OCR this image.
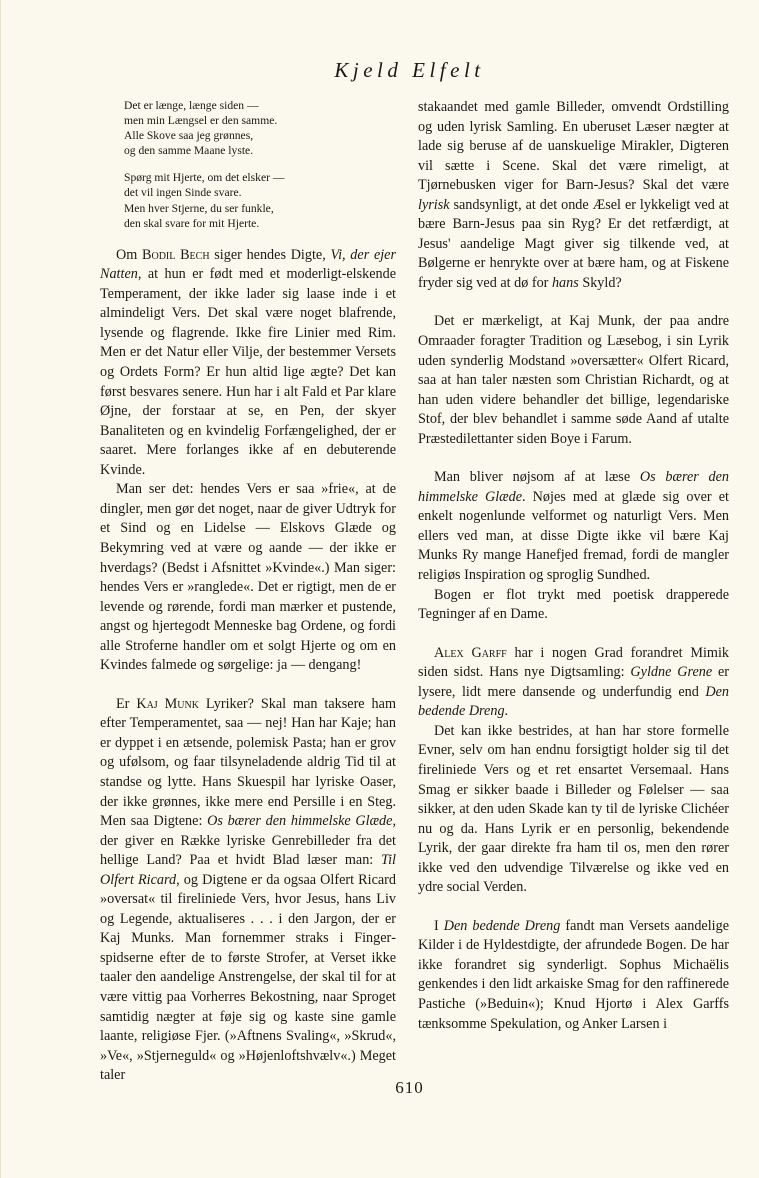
Kjeld Elfelt
Det er længe, længe siden —
men min Længsel er den samme.
Alle Skove saa jeg grønnes,
og den samme Maane lyste.
Spørg mit Hjerte, om det elsker —
det vil ingen Sinde svare.
Men hver Stjerne, du ser funkle,
den skal svare for mit Hjerte.

Om Bodil Bech siger hendes Digte, Vi, der ejer Natten, at hun er født med et moderligt-elskende Temperament, der ikke lader sig laase inde i et almindeligt Vers. Det skal være noget blafrende, lysende og flagrende. Ikke fire Linier med Rim. Men er det Natur eller Vilje, der bestemmer Versets og Ordets Form? Er hun altid lige ægte? Det kan først besvares senere. Hun har i alt Fald et Par klare Øjne, der forstaar at se, en Pen, der skyer Banaliteten og en kvindelig Forfængelighed, der er saaret. Mere forlanges ikke af en debuterende Kvinde.

Man ser det: hendes Vers er saa »frie«, at de dingler, men gør det noget, naar de giver Udtryk for et Sind og en Lidelse — Elskovs Glæde og Bekymring ved at være og aande — der ikke er hverdags? (Bedst i Afsnittet »Kvinde«.) Man siger: hendes Vers er »ranglede«. Det er rigtigt, men de er levende og rørende, fordi man mærker et pustende, angst og hjertegodt Menneske bag Ordene, og fordi alle Stroferne handler om et solgt Hjerte og om en Kvindes falmede og sørgelige: ja — dengang!

Er Kaj Munk Lyriker? Skal man taksere ham efter Temperamentet, saa — nej! Han har Kaje; han er dyppet i en ætsende, polemisk Pasta; han er grov og ufølsom, og faar tilsyneladende aldrig Tid til at standse og lytte. Hans Skuespil har lyriske Oaser, der ikke grønnes, ikke mere end Persille i en Steg. Men saa Digtene: Os bærer den himmelske Glæde, der giver en Række lyriske Genrebilleder fra det hellige Land? Paa et hvidt Blad læser man: Til Olfert Ricard, og Digtene er da ogsaa Olfert Ricard »oversat« til fireliniede Vers, hvor Jesus, hans Liv og Legende, aktualiseres . . . i den Jargon, der er Kaj Munks. Man fornemmer straks i Fingerspidserne efter de to første Strofer, at Verset ikke taaler den aandelige Anstrengelse, der skal til for at være vittig paa Vorherres Bekostning, naar Sproget samtidig nægter at føje sig og kaste sine gamle laante, religiøse Fjer. (»Aftnens Svaling«, »Skrud«, »Ve«, »Stjerneguld« og »Højenloftshvælv«.) Meget taler

stakaandet med gamle Billeder, omvendt Ordstilling og uden lyrisk Samling. En uberuset Læser nægter at lade sig beruse af de uanskuelige Mirakler, Digteren vil sætte i Scene. Skal det være rimeligt, at Tjørnebusken viger for Barn-Jesus? Skal det være lyrisk sandsynligt, at det onde Æsel er lykkeligt ved at bære Barn-Jesus paa sin Ryg? Er det retfærdigt, at Jesus' aandelige Magt giver sig tilkende ved, at Bølgerne er henrykte over at bære ham, og at Fiskene fryder sig ved at dø for hans Skyld?

Det er mærkeligt, at Kaj Munk, der paa andre Omraader foragter Tradition og Læsebog, i sin Lyrik uden synderlig Modstand »oversætter« Olfert Ricard, saa at han taler næsten som Christian Richardt, og at han uden videre behandler det billige, legendariske Stof, der blev behandlet i samme søde Aand af utalte Præstedilettanter siden Boye i Farum.

Man bliver nøjsom af at læse Os bærer den himmelske Glæde. Nøjes med at glæde sig over et enkelt nogenlunde velformet og naturligt Vers. Men ellers ved man, at disse Digte ikke vil bære Kaj Munks Ry mange Hanefjed fremad, fordi de mangler religiøs Inspiration og sproglig Sundhed.

Bogen er flot trykt med poetisk drapperede Tegninger af en Dame.

Alex Garff har i nogen Grad forandret Mimik siden sidst. Hans nye Digtsamling: Gyldne Grene er lysere, lidt mere dansende og underfundig end Den bedende Dreng.

Det kan ikke bestrides, at han har store formelle Evner, selv om han endnu forsigtigt holder sig til det fireliniede Vers og et ret ensartet Versemaal. Hans Smag er sikker baade i Billeder og Følelser — saa sikker, at den uden Skade kan ty til de lyriske Clichéer nu og da. Hans Lyrik er en personlig, bekendende Lyrik, der gaar direkte fra ham til os, men den rører ikke ved den udvendige Tilværelse og ikke ved en ydre social Verden.

I Den bedende Dreng fandt man Versets aandelige Kilder i de Hyldestdigte, der afrundede Bogen. De har ikke forandret sig synderligt. Sophus Michaëlis genkendes i den lidt arkaiske Smag for den raffinerede Pastiche (»Beduin«); Knud Hjortø i Alex Garffs tænksomme Spekulation, og Anker Larsen i

610
